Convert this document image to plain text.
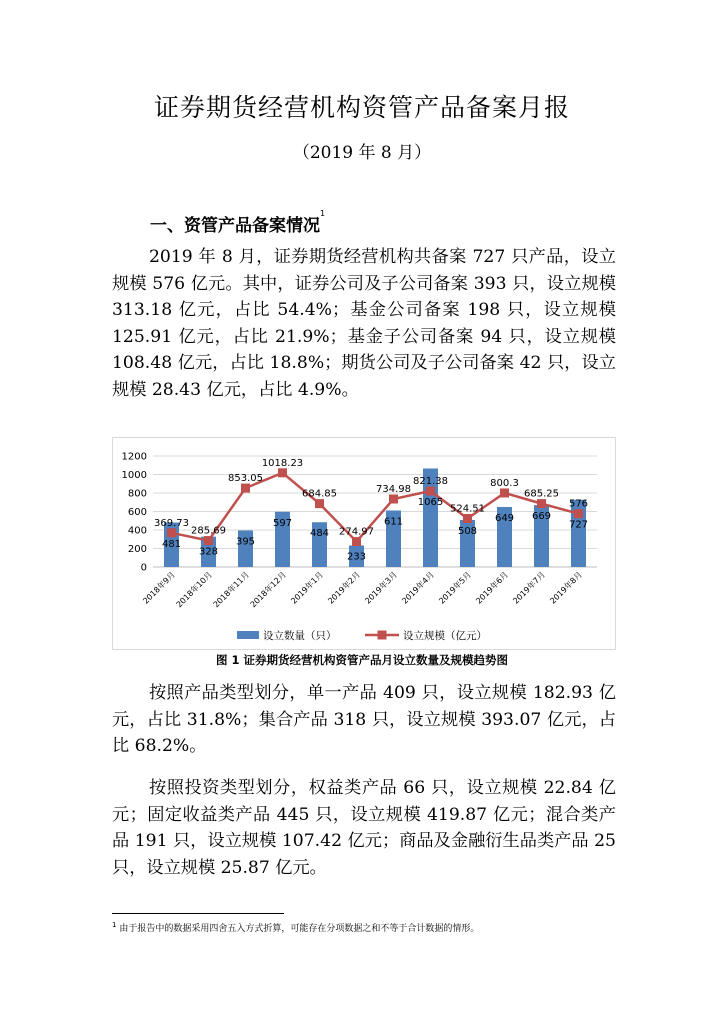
证券期货经营机构资管产品备案月报
（2019 年 8 月）
一、资管产品备案情况$^1$
2019 年 8 月，证券期货经营机构共备案 727 只产品，设立规模 576 亿元。其中，证券公司及子公司备案 393 只，设立规模 313.18 亿元，占比 54.4%；基金公司备案 198 只，设立规模 125.91 亿元，占比 21.9%；基金子公司备案 94 只，设立规模 108.48 亿元，占比 18.8%；期货公司及子公司备案 42 只，设立规模 28.43 亿元，占比 4.9%。
0
200
400
600
800
1000
1200
2018年9月
2018年10月
2018年11月
2018年12月 2019年1月 2019年2月 2019年3月 2019年4月 2019年5月 2019年6月 2019年7月 2019年8月
481
328
395
597
484
233
611
1065
508
649 669
727
369.73
285.69
853.05
1018.23
684.85
274.97
734.98
821.38
524.51
800.3
685.25
576
设立数量（只）	设立规模（亿元）
图 1 证券期货经营机构资管产品月设立数量及规模趋势图
按照产品类型划分，单一产品 409 只，设立规模 182.93 亿元，占比 31.8%；集合产品 318 只，设立规模 393.07 亿元，占比 68.2%。
按照投资类型划分，权益类产品 66 只，设立规模 22.84 亿元；固定收益类产品 445 只，设立规模 419.87 亿元；混合类产品 191 只，设立规模 107.42 亿元；商品及金融衍生品类产品 25 只，设立规模 25.87 亿元。
$^1$ 由于报告中的数据采用四舍五入方式折算，可能存在分项数据之和不等于合计数据的情形。
